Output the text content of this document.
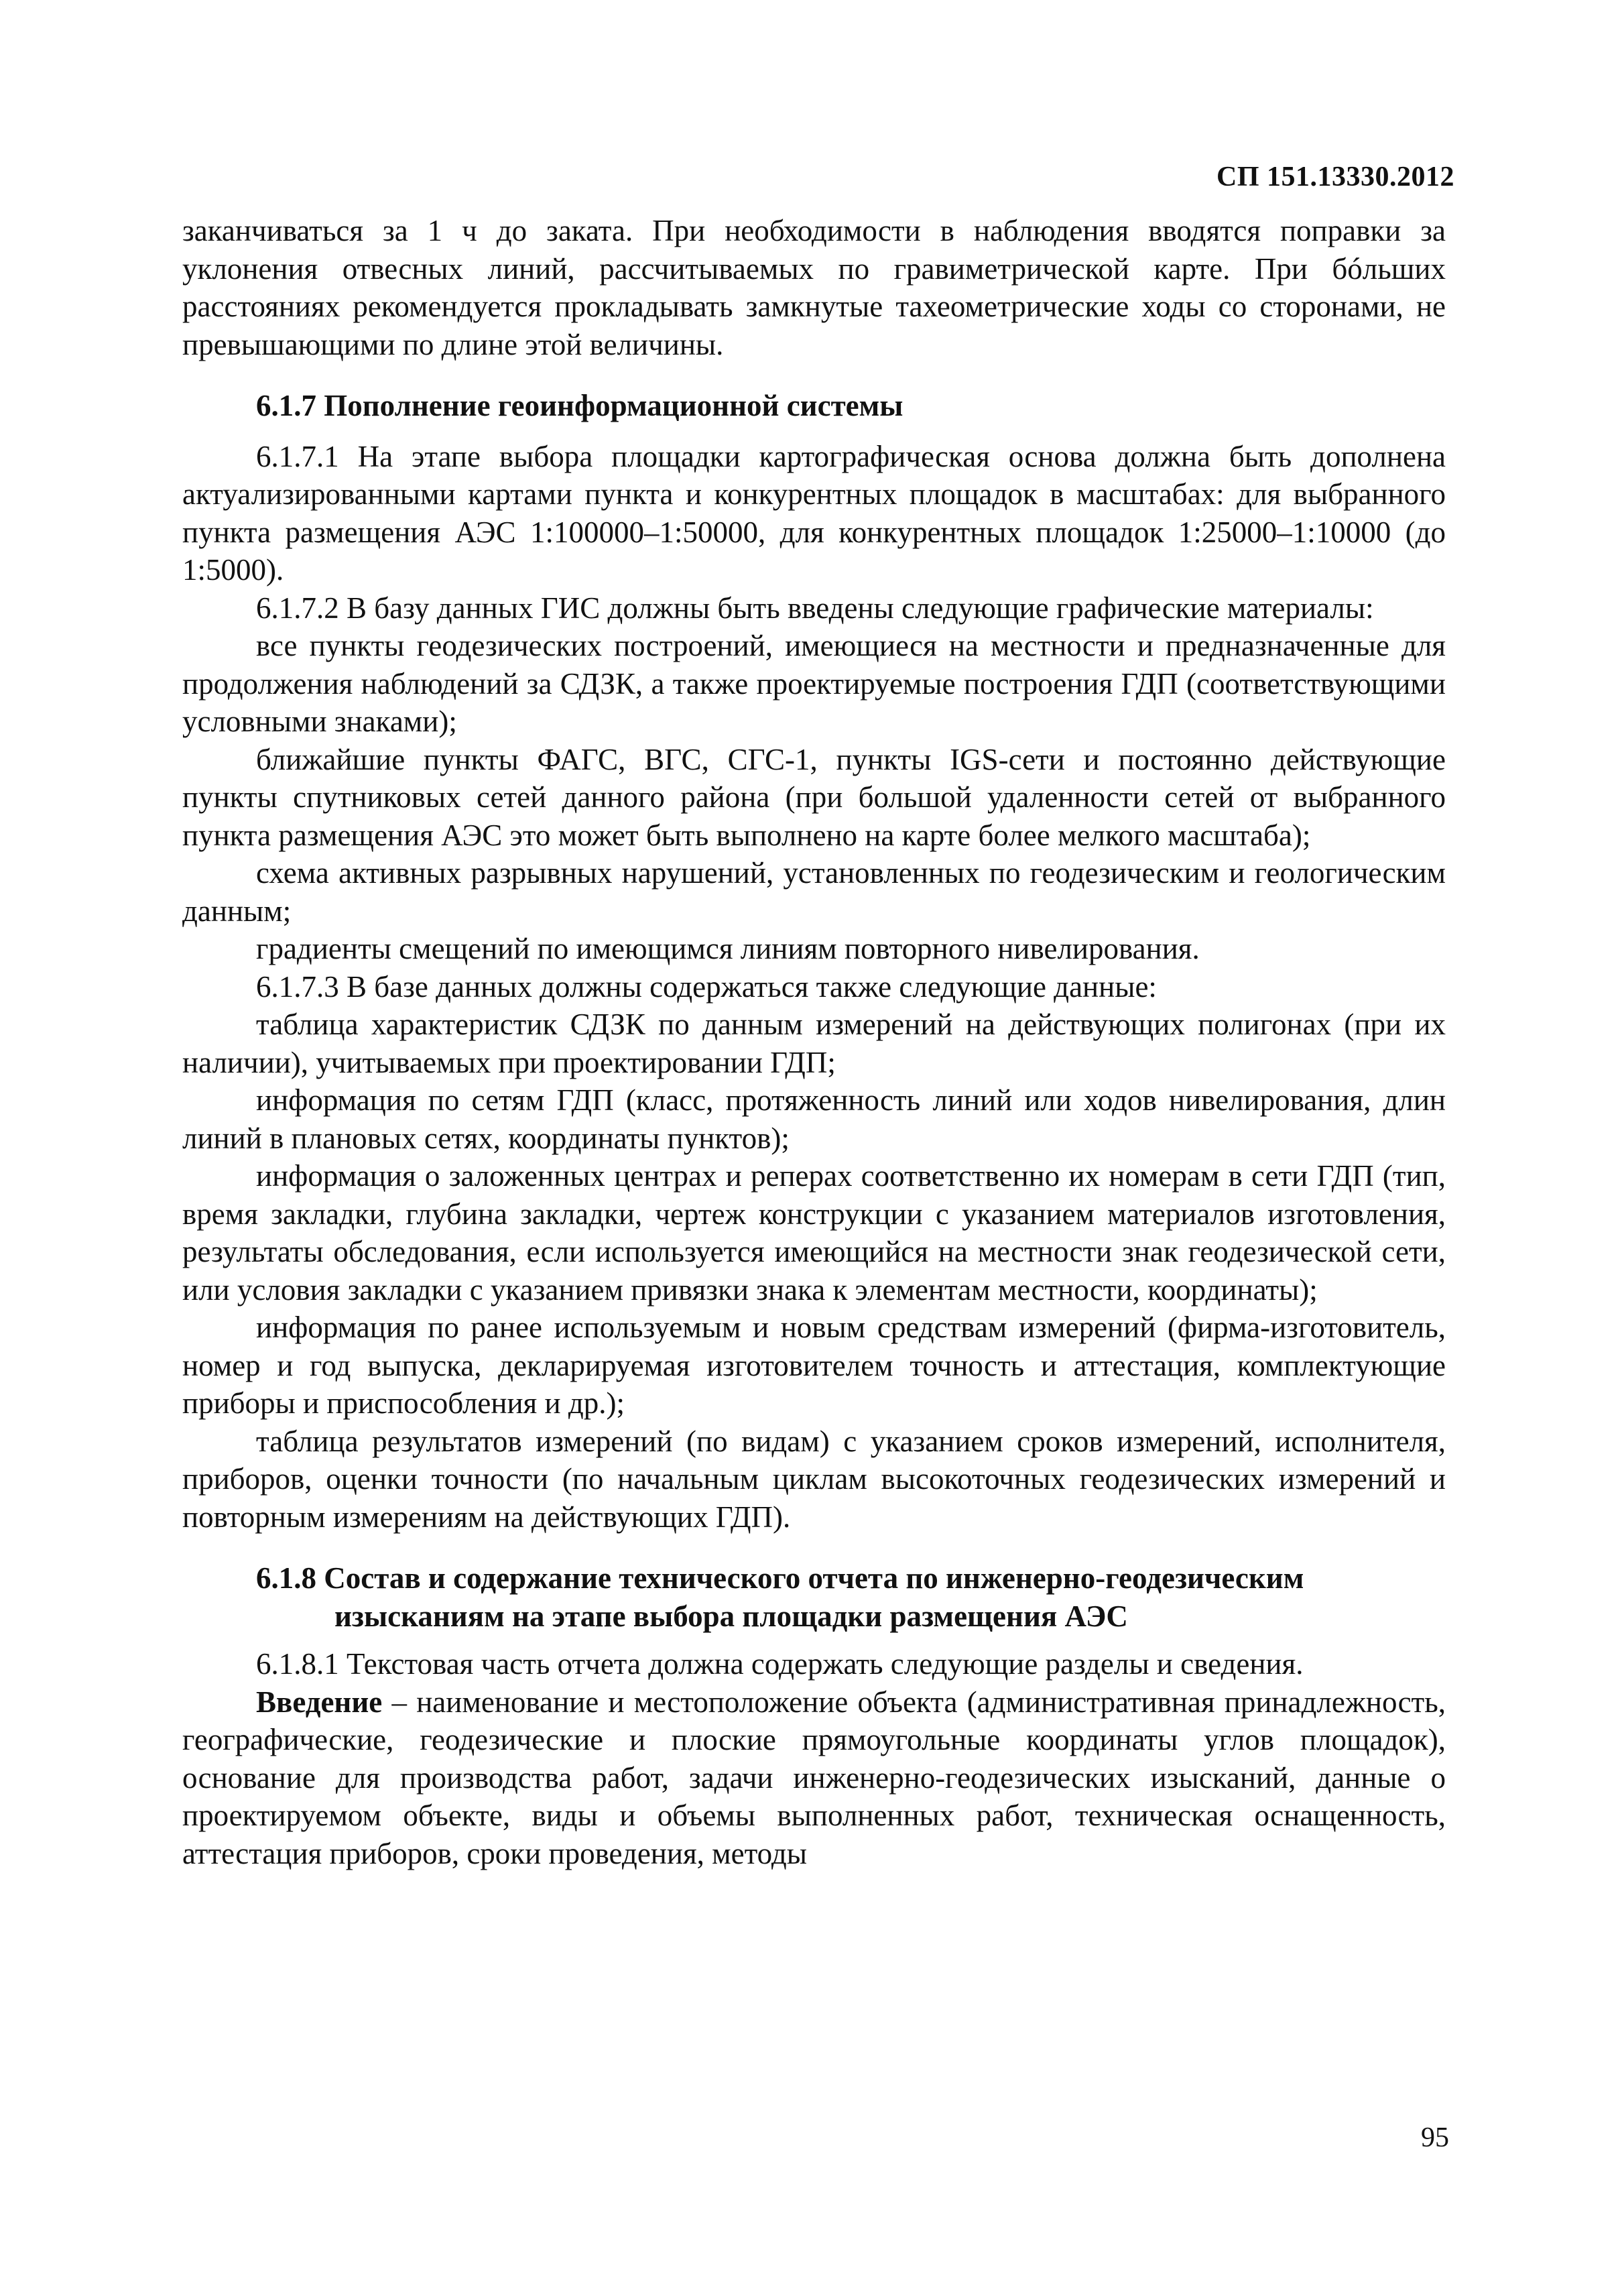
СП 151.13330.2012

заканчиваться за 1 ч до заката. При необходимости в наблюдения вводятся поправки за уклонения отвесных линий, рассчитываемых по гравиметрической карте. При бóльших расстояниях рекомендуется прокладывать замкнутые тахеометрические ходы со сторонами, не превышающими по длине этой величины.

6.1.7 Пополнение геоинформационной системы

6.1.7.1 На этапе выбора площадки картографическая основа должна быть дополнена актуализированными картами пункта и конкурентных площадок в масштабах: для выбранного пункта размещения АЭС 1:100000–1:50000, для конкурентных площадок 1:25000–1:10000 (до 1:5000).

6.1.7.2 В базу данных ГИС должны быть введены следующие графические материалы:

все пункты геодезических построений, имеющиеся на местности и предназначенные для продолжения наблюдений за СДЗК, а также проектируемые построения ГДП (соответствующими условными знаками);

ближайшие пункты ФАГС, ВГС, СГС-1, пункты IGS-сети и постоянно действующие пункты спутниковых сетей данного района (при большой удаленности сетей от выбранного пункта размещения АЭС это может быть выполнено на карте более мелкого масштаба);

схема активных разрывных нарушений, установленных по геодезическим и геологическим данным;

градиенты смещений по имеющимся линиям повторного нивелирования.

6.1.7.3 В базе данных должны содержаться также следующие данные:

таблица характеристик СДЗК по данным измерений на действующих полигонах (при их наличии), учитываемых при проектировании ГДП;

информация по сетям ГДП (класс, протяженность линий или ходов нивелирования, длин линий в плановых сетях, координаты пунктов);

информация о заложенных центрах и реперах соответственно их номерам в сети ГДП (тип, время закладки, глубина закладки, чертеж конструкции с указанием материалов изготовления, результаты обследования, если используется имеющийся на местности знак геодезической сети, или условия закладки с указанием привязки знака к элементам местности, координаты);

информация по ранее используемым и новым средствам измерений (фирма-изготовитель, номер и год выпуска, декларируемая изготовителем точность и аттестация, комплектующие приборы и приспособления и др.);

таблица результатов измерений (по видам) с указанием сроков измерений, исполнителя, приборов, оценки точности (по начальным циклам высокоточных геодезических измерений и повторным измерениям на действующих ГДП).

6.1.8 Состав и содержание технического отчета по инженерно-геодезическим изысканиям на этапе выбора площадки размещения АЭС

6.1.8.1 Текстовая часть отчета должна содержать следующие разделы и сведения.

Введение – наименование и местоположение объекта (административная принадлежность, географические, геодезические и плоские прямоугольные координаты углов площадок), основание для производства работ, задачи инженерно-геодезических изысканий, данные о проектируемом объекте, виды и объемы выполненных работ, техническая оснащенность, аттестация приборов, сроки проведения, методы

95
